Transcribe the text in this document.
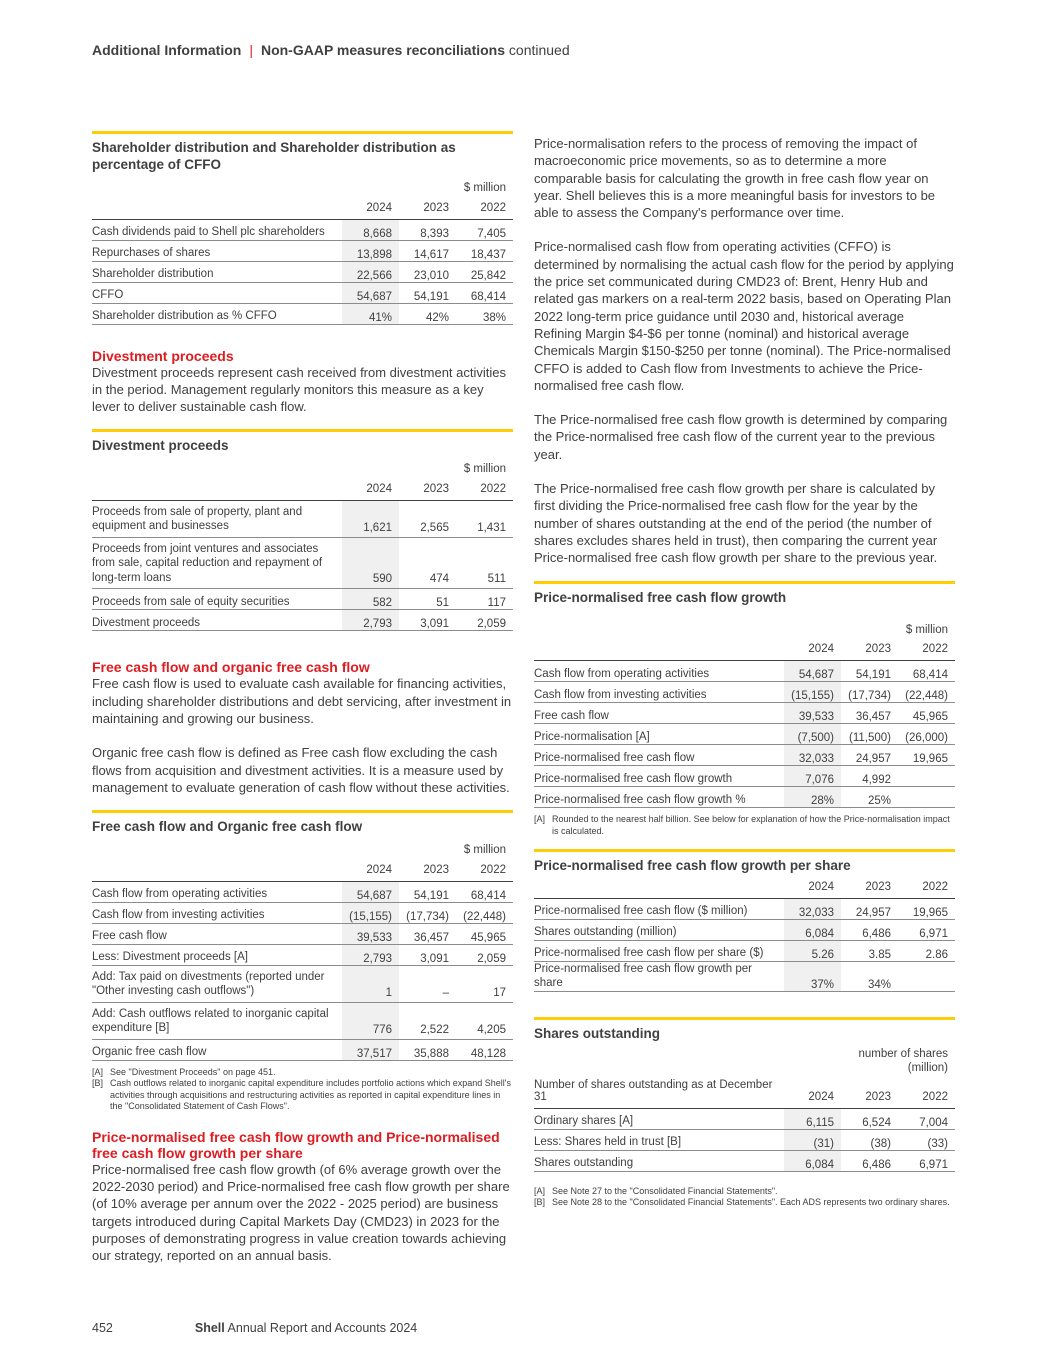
Additional Information | Non-GAAP measures reconciliations continued
Shareholder distribution and Shareholder distribution as percentage of CFFO
$ million			
	2024	2023	2022
Cash dividends paid to Shell plc shareholders	8,668	8,393	7,405
Repurchases of shares	13,898	14,617	18,437
Shareholder distribution	22,566	23,010	25,842
CFFO	54,687	54,191	68,414
Shareholder distribution as % CFFO	41%	42%	38%
Divestment proceeds
Divestment proceeds represent cash received from divestment activities in the period. Management regularly monitors this measure as a key lever to deliver sustainable cash flow.
Divestment proceeds
$ million			
	2024	2023	2022
Proceeds from sale of property, plant and equipment and businesses	1,621	2,565	1,431
Proceeds from joint ventures and associates from sale, capital reduction and repayment of long-term loans	590	474	511
Proceeds from sale of equity securities	582	51	117
Divestment proceeds	2,793	3,091	2,059
Free cash flow and organic free cash flow
Free cash flow is used to evaluate cash available for financing activities, including shareholder distributions and debt servicing, after investment in maintaining and growing our business.
Organic free cash flow is defined as Free cash flow excluding the cash flows from acquisition and divestment activities. It is a measure used by management to evaluate generation of cash flow without these activities.
Free cash flow and Organic free cash flow
$ million			
	2024	2023	2022
Cash flow from operating activities	54,687	54,191	68,414
Cash flow from investing activities	(15,155)	(17,734)	(22,448)
Free cash flow	39,533	36,457	45,965
Less: Divestment proceeds [A]	2,793	3,091	2,059
Add: Tax paid on divestments (reported under "Other investing cash outflows")	1	–	17
Add: Cash outflows related to inorganic capital expenditure [B]	776	2,522	4,205
Organic free cash flow	37,517	35,888	48,128
[A] See "Divestment Proceeds" on page 451.
[B] Cash outflows related to inorganic capital expenditure includes portfolio actions which expand Shell's activities through acquisitions and restructuring activities as reported in capital expenditure lines in the "Consolidated Statement of Cash Flows".
Price-normalised free cash flow growth and Price-normalised free cash flow growth per share
Price-normalised free cash flow growth (of 6% average growth over the 2022-2030 period) and Price-normalised free cash flow growth per share (of 10% average per annum over the 2022 - 2025 period) are business targets introduced during Capital Markets Day (CMD23) in 2023 for the purposes of demonstrating progress in value creation towards achieving our strategy, reported on an annual basis.
Price-normalisation refers to the process of removing the impact of macroeconomic price movements, so as to determine a more comparable basis for calculating the growth in free cash flow year on year. Shell believes this is a more meaningful basis for investors to be able to assess the Company's performance over time.
Price-normalised cash flow from operating activities (CFFO) is determined by normalising the actual cash flow for the period by applying the price set communicated during CMD23 of: Brent, Henry Hub and related gas markers on a real-term 2022 basis, based on Operating Plan 2022 long-term price guidance until 2030 and, historical average Refining Margin $4-$6 per tonne (nominal) and historical average Chemicals Margin $150-$250 per tonne (nominal). The Price-normalised CFFO is added to Cash flow from Investments to achieve the Price-normalised free cash flow.
The Price-normalised free cash flow growth is determined by comparing the Price-normalised free cash flow of the current year to the previous year.
The Price-normalised free cash flow growth per share is calculated by first dividing the Price-normalised free cash flow for the year by the number of shares outstanding at the end of the period (the number of shares excludes shares held in trust), then comparing the current year Price-normalised free cash flow growth per share to the previous year.
Price-normalised free cash flow growth
$ million			
	2024	2023	2022
Cash flow from operating activities	54,687	54,191	68,414
Cash flow from investing activities	(15,155)	(17,734)	(22,448)
Free cash flow	39,533	36,457	45,965
Price-normalisation [A]	(7,500)	(11,500)	(26,000)
Price-normalised free cash flow	32,033	24,957	19,965
Price-normalised free cash flow growth	7,076	4,992	
Price-normalised free cash flow growth %	28%	25%	
[A] Rounded to the nearest half billion. See below for explanation of how the Price-normalisation impact is calculated.
Price-normalised free cash flow growth per share
	2024	2023	2022
Price-normalised free cash flow ($ million)	32,033	24,957	19,965
Shares outstanding (million)	6,084	6,486	6,971
Price-normalised free cash flow per share ($)	5.26	3.85	2.86
Price-normalised free cash flow growth per share	37%	34%	
Shares outstanding
number of shares
(million)			
Number of shares outstanding as at December 31	2024	2023	2022
Ordinary shares [A]	6,115	6,524	7,004
Less: Shares held in trust [B]	(31)	(38)	(33)
Shares outstanding	6,084	6,486	6,971
[A] See Note 27 to the "Consolidated Financial Statements".
[B] See Note 28 to the "Consolidated Financial Statements". Each ADS represents two ordinary shares.
452	Shell Annual Report and Accounts 2024
